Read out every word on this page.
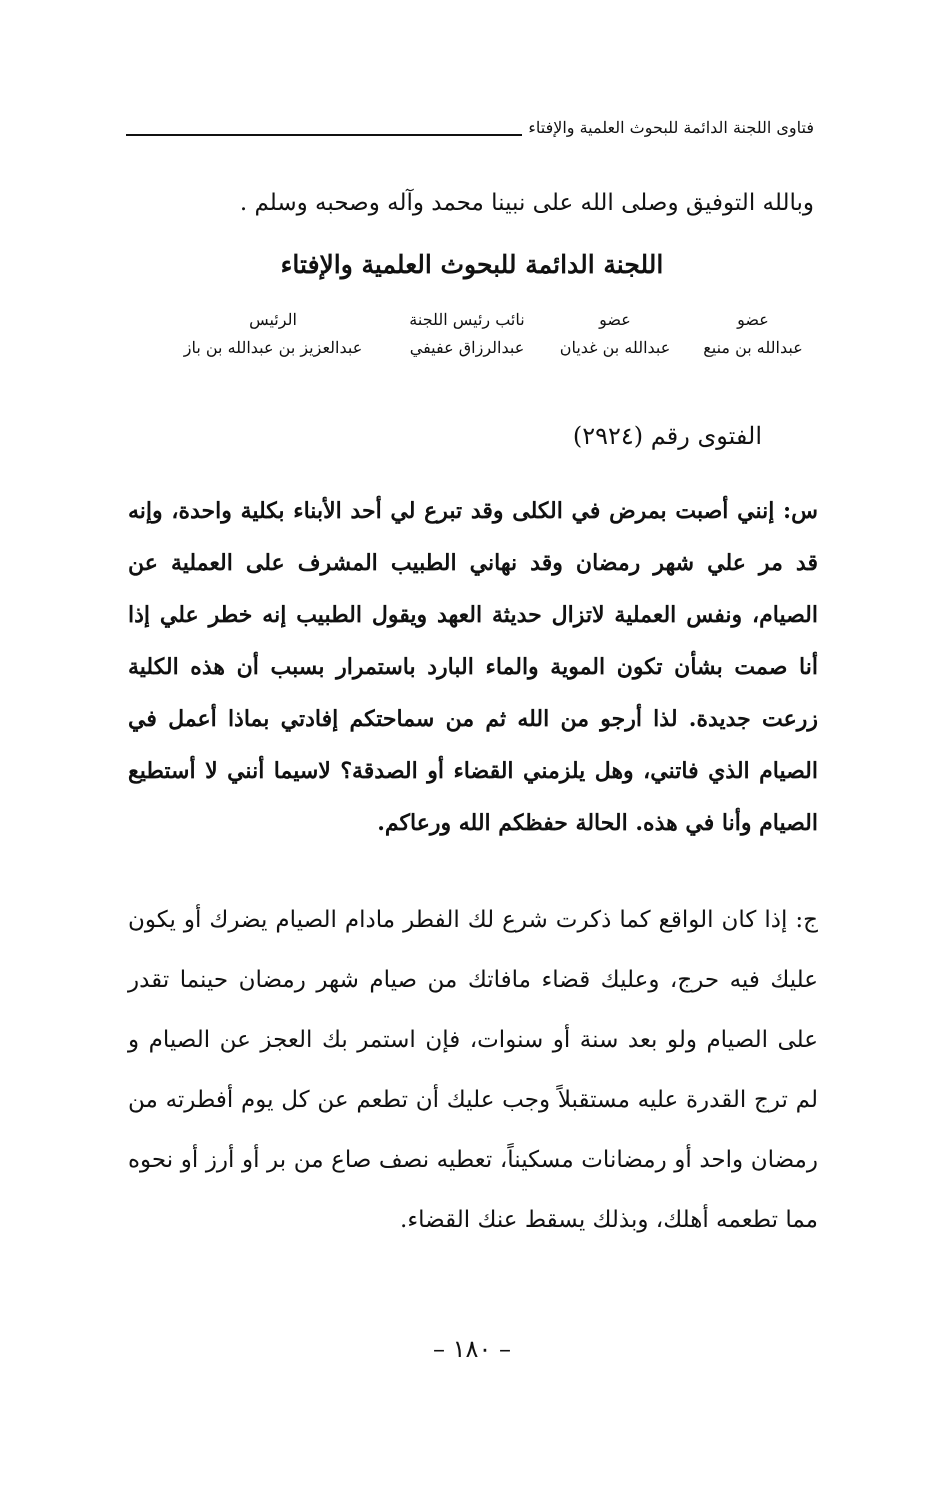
فتاوى اللجنة الدائمة للبحوث العلمية والإفتاء
وبالله التوفيق وصلى الله على نبينا محمد وآله وصحبه وسلم .
اللجنة الدائمة للبحوث العلمية والإفتاء
عضو
عبدالله بن منيع
عضو
عبدالله بن غديان
نائب رئيس اللجنة
عبدالرزاق عفيفي
الرئيس
عبدالعزيز بن عبدالله بن باز
الفتوى رقم (٢٩٢٤)
س: إنني أصبت بمرض في الكلى وقد تبرع لي أحد الأبناء بكلية واحدة، وإنه قد مر علي شهر رمضان وقد نهاني الطبيب المشرف على العملية عن الصيام، ونفس العملية لاتزال حديثة العهد ويقول الطبيب إنه خطر علي إذا أنا صمت بشأن تكون الموية والماء البارد باستمرار بسبب أن هذه الكلية زرعت جديدة. لذا أرجو من الله ثم من سماحتكم إفادتي بماذا أعمل في الصيام الذي فاتني، وهل يلزمني القضاء أو الصدقة؟ لاسيما أنني لا أستطيع الصيام وأنا في هذه. الحالة حفظكم الله ورعاكم.
ج: إذا كان الواقع كما ذكرت شرع لك الفطر مادام الصيام يضرك أو يكون عليك فيه حرج، وعليك قضاء مافاتك من صيام شهر رمضان حينما تقدر على الصيام ولو بعد سنة أو سنوات، فإن استمر بك العجز عن الصيام و لم ترج القدرة عليه مستقبلاً وجب عليك أن تطعم عن كل يوم أفطرته من رمضان واحد أو رمضانات مسكيناً، تعطيه نصف صاع من بر أو أرز أو نحوه مما تطعمه أهلك، وبذلك يسقط عنك القضاء.
– ١٨٠ –
